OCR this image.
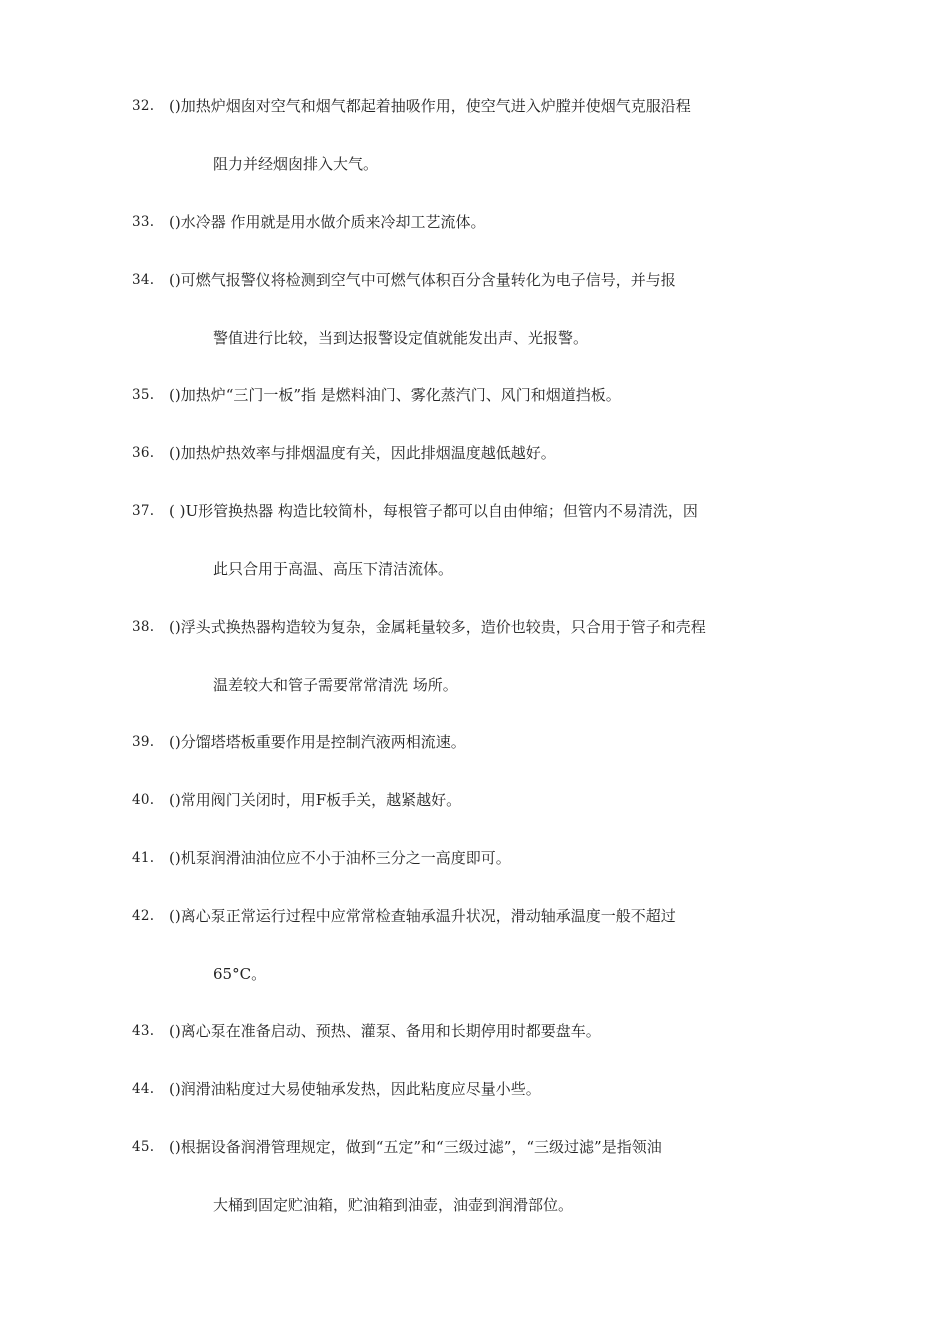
32. ()加热炉烟囱对空气和烟气都起着抽吸作用，使空气进入炉膛并使烟气克服沿程
阻力并经烟囱排入大气。
33. ()水冷器 作用就是用水做介质来冷却工艺流体。
34. ()可燃气报警仪将检测到空气中可燃气体积百分含量转化为电子信号，并与报
警值进行比较，当到达报警设定值就能发出声、光报警。
35. ()加热炉“三门一板”指 是燃料油门、雾化蒸汽门、风门和烟道挡板。
36. ()加热炉热效率与排烟温度有关，因此排烟温度越低越好。
37. ( )U形管换热器 构造比较简朴，每根管子都可以自由伸缩；但管内不易清洗，因
此只合用于高温、高压下清洁流体。
38. ()浮头式换热器构造较为复杂，金属耗量较多，造价也较贵，只合用于管子和壳程
温差较大和管子需要常常清洗 场所。
39. ()分馏塔塔板重要作用是控制汽液两相流速。
40. ()常用阀门关闭时，用F板手关，越紧越好。
41. ()机泵润滑油油位应不小于油杯三分之一高度即可。
42. ()离心泵正常运行过程中应常常检查轴承温升状况，滑动轴承温度一般不超过
65°C。
43. ()离心泵在准备启动、预热、灌泵、备用和长期停用时都要盘车。
44. ()润滑油粘度过大易使轴承发热，因此粘度应尽量小些。
45. ()根据设备润滑管理规定，做到“五定”和“三级过滤”，“三级过滤”是指领油
大桶到固定贮油箱，贮油箱到油壶，油壶到润滑部位。
